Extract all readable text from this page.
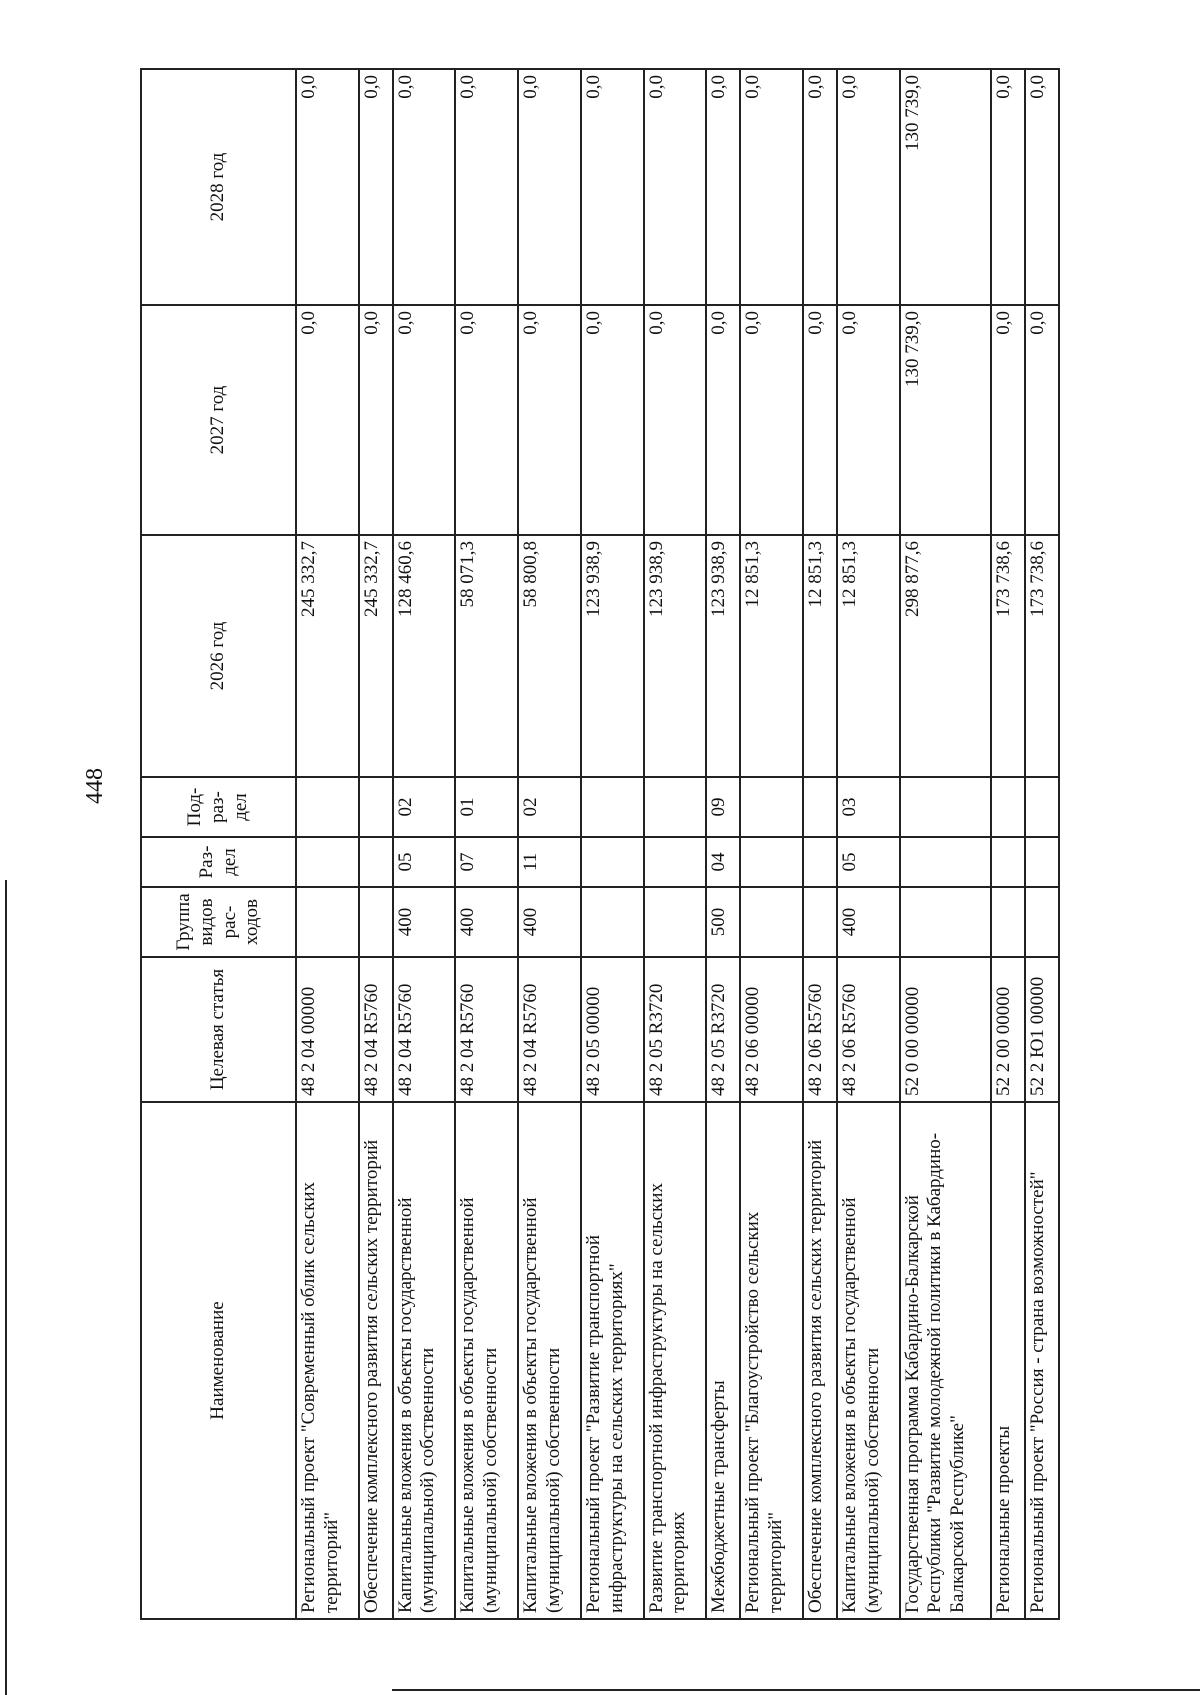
448
Наименование	Целевая статья	Группа видов рас-ходов	Раз-дел	Под-раз-дел	2026 год	2027 год	2028 год
Региональный проект "Современный облик сельских территорий"	48 2 04 00000				245 332,7	0,0	0,0
Обеспечение комплексного развития сельских территорий	48 2 04 R5760				245 332,7	0,0	0,0
Капитальные вложения в объекты государственной (муниципальной) собственности	48 2 04 R5760	400	05	02	128 460,6	0,0	0,0
Капитальные вложения в объекты государственной (муниципальной) собственности	48 2 04 R5760	400	07	01	58 071,3	0,0	0,0
Капитальные вложения в объекты государственной (муниципальной) собственности	48 2 04 R5760	400	11	02	58 800,8	0,0	0,0
Региональный проект "Развитие транспортной инфраструктуры на сельских территориях"	48 2 05 00000				123 938,9	0,0	0,0
Развитие транспортной инфраструктуры на сельских территориях	48 2 05 R3720				123 938,9	0,0	0,0
Межбюджетные трансферты	48 2 05 R3720	500	04	09	123 938,9	0,0	0,0
Региональный проект "Благоустройство сельских территорий"	48 2 06 00000				12 851,3	0,0	0,0
Обеспечение комплексного развития сельских территорий	48 2 06 R5760				12 851,3	0,0	0,0
Капитальные вложения в объекты государственной (муниципальной) собственности	48 2 06 R5760	400	05	03	12 851,3	0,0	0,0
Государственная программа Кабардино-Балкарской Республики "Развитие молодежной политики в Кабардино-Балкарской Республике"	52 0 00 00000				298 877,6	130 739,0	130 739,0
Региональные проекты	52 2 00 00000				173 738,6	0,0	0,0
Региональный проект "Россия - страна возможностей"	52 2 Ю1 00000				173 738,6	0,0	0,0
